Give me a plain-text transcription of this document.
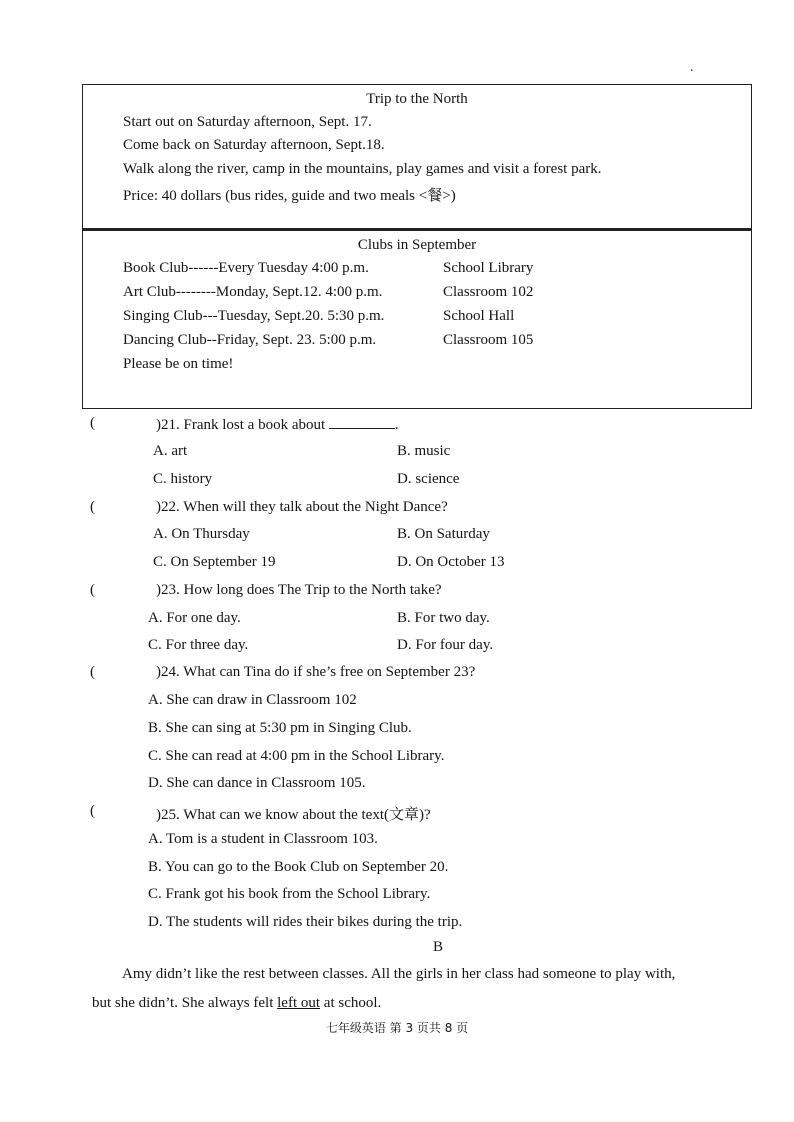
.
Trip to the North
Start out on Saturday afternoon, Sept. 17.
Come back on Saturday afternoon, Sept.18.
Walk along the river, camp in the mountains, play games and visit a forest park.
Price: 40 dollars (bus rides, guide and two meals <餐>)
Clubs in September
Book Club------Every Tuesday 4:00 p.m.	School Library
Art Club--------Monday, Sept.12. 4:00 p.m.	Classroom 102
Singing Club---Tuesday, Sept.20. 5:30 p.m.	School Hall
Dancing Club--Friday, Sept. 23. 5:00 p.m.	Classroom 105
Please be on time!
(	)21. Frank lost a book about	.
A. art	B. music
C. history	D. science
(	)22. When will they talk about the Night Dance?
A. On Thursday	B. On Saturday
C. On September 19	D. On October 13
(	)23. How long does The Trip to the North take?
A. For one day.	B. For two day.
C. For three day.	D. For four day.
(	)24. What can Tina do if she’s free on September 23?
A. She can draw in Classroom 102
B. She can sing at 5:30 pm in Singing Club.
C. She can read at 4:00 pm in the School Library.
D. She can dance in Classroom 105.
(	)25. What can we know about the text(文章)?
A. Tom is a student in Classroom 103.
B. You can go to the Book Club on September 20.
C. Frank got his book from the School Library.
D. The students will rides their bikes during the trip.
B
Amy didn’t like the rest between classes. All the girls in her class had someone to play with,
but she didn’t. She always felt left out at school.
七年级英语 第 3 页共 8 页
